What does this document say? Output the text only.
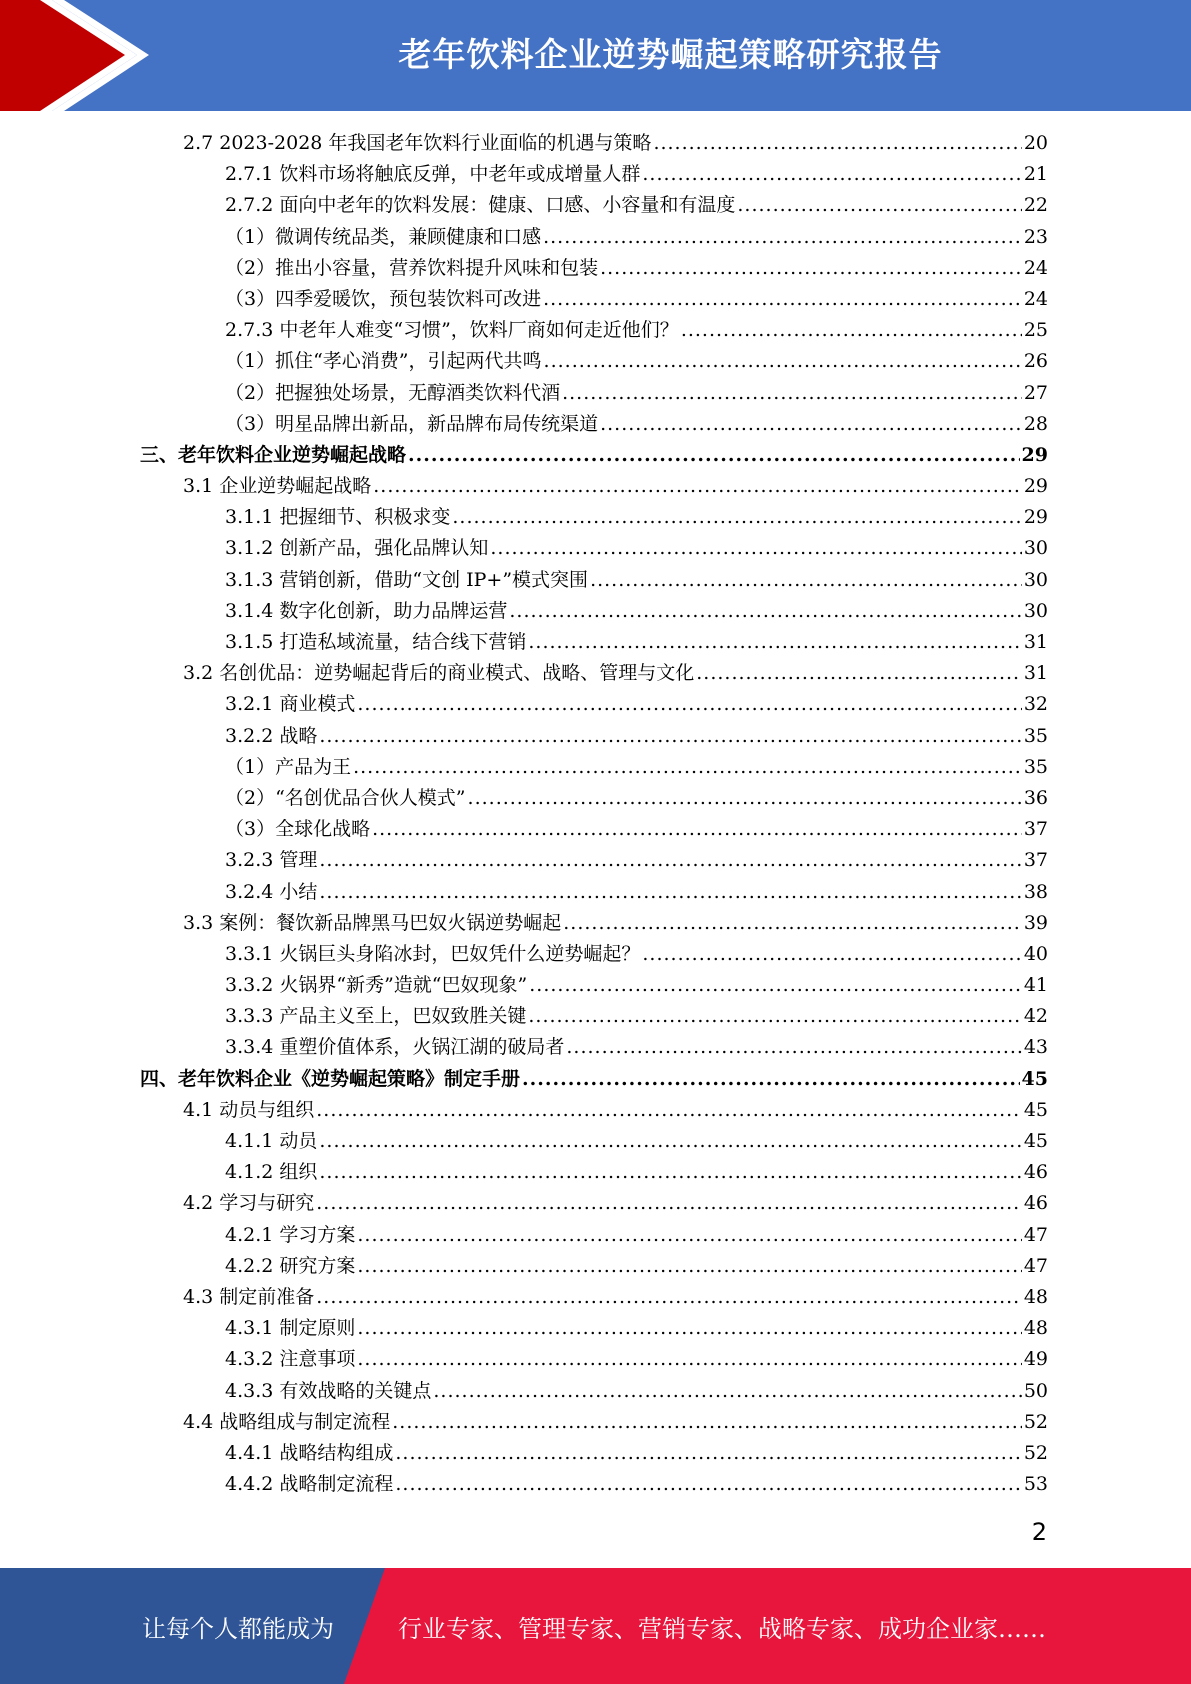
老年饮料企业逆势崛起策略研究报告
2.7 2023-2028 年我国老年饮料行业面临的机遇与策略 .....	20
2.7.1 饮料市场将触底反弹，中老年或成增量人群 .....	21
2.7.2 面向中老年的饮料发展：健康、口感、小容量和有温度 .....	22
（1）微调传统品类，兼顾健康和口感 .....	23
（2）推出小容量，营养饮料提升风味和包装 .....	24
（3）四季爱暖饮，预包装饮料可改进 .....	24
2.7.3 中老年人难变“习惯”，饮料厂商如何走近他们？ .....	25
（1）抓住“孝心消费”，引起两代共鸣 .....	26
（2）把握独处场景，无醇酒类饮料代酒 .....	27
（3）明星品牌出新品，新品牌布局传统渠道 .....	28
三、老年饮料企业逆势崛起战略 .....	29
3.1 企业逆势崛起战略 .....	29
3.1.1 把握细节、积极求变 .....	29
3.1.2 创新产品，强化品牌认知 .....	30
3.1.3 营销创新，借助“文创 IP+”模式突围 .....	30
3.1.4 数字化创新，助力品牌运营 .....	30
3.1.5 打造私域流量，结合线下营销 .....	31
3.2 名创优品：逆势崛起背后的商业模式、战略、管理与文化 .....	31
3.2.1 商业模式 .....	32
3.2.2 战略 .....	35
（1）产品为王 .....	35
（2）“名创优品合伙人模式” .....	36
（3）全球化战略 .....	37
3.2.3 管理 .....	37
3.2.4 小结 .....	38
3.3 案例：餐饮新品牌黑马巴奴火锅逆势崛起 .....	39
3.3.1 火锅巨头身陷冰封，巴奴凭什么逆势崛起？ .....	40
3.3.2 火锅界“新秀”造就“巴奴现象” .....	41
3.3.3 产品主义至上，巴奴致胜关键 .....	42
3.3.4 重塑价值体系，火锅江湖的破局者 .....	43
四、老年饮料企业《逆势崛起策略》制定手册 .....	45
4.1 动员与组织 .....	45
4.1.1 动员 .....	45
4.1.2 组织 .....	46
4.2 学习与研究 .....	46
4.2.1 学习方案 .....	47
4.2.2 研究方案 .....	47
4.3 制定前准备 .....	48
4.3.1 制定原则 .....	48
4.3.2 注意事项 .....	49
4.3.3 有效战略的关键点 .....	50
4.4 战略组成与制定流程 .....	52
4.4.1 战略结构组成 .....	52
4.4.2 战略制定流程 .....	53
2
让每个人都能成为	行业专家、管理专家、营销专家、战略专家、成功企业家……
